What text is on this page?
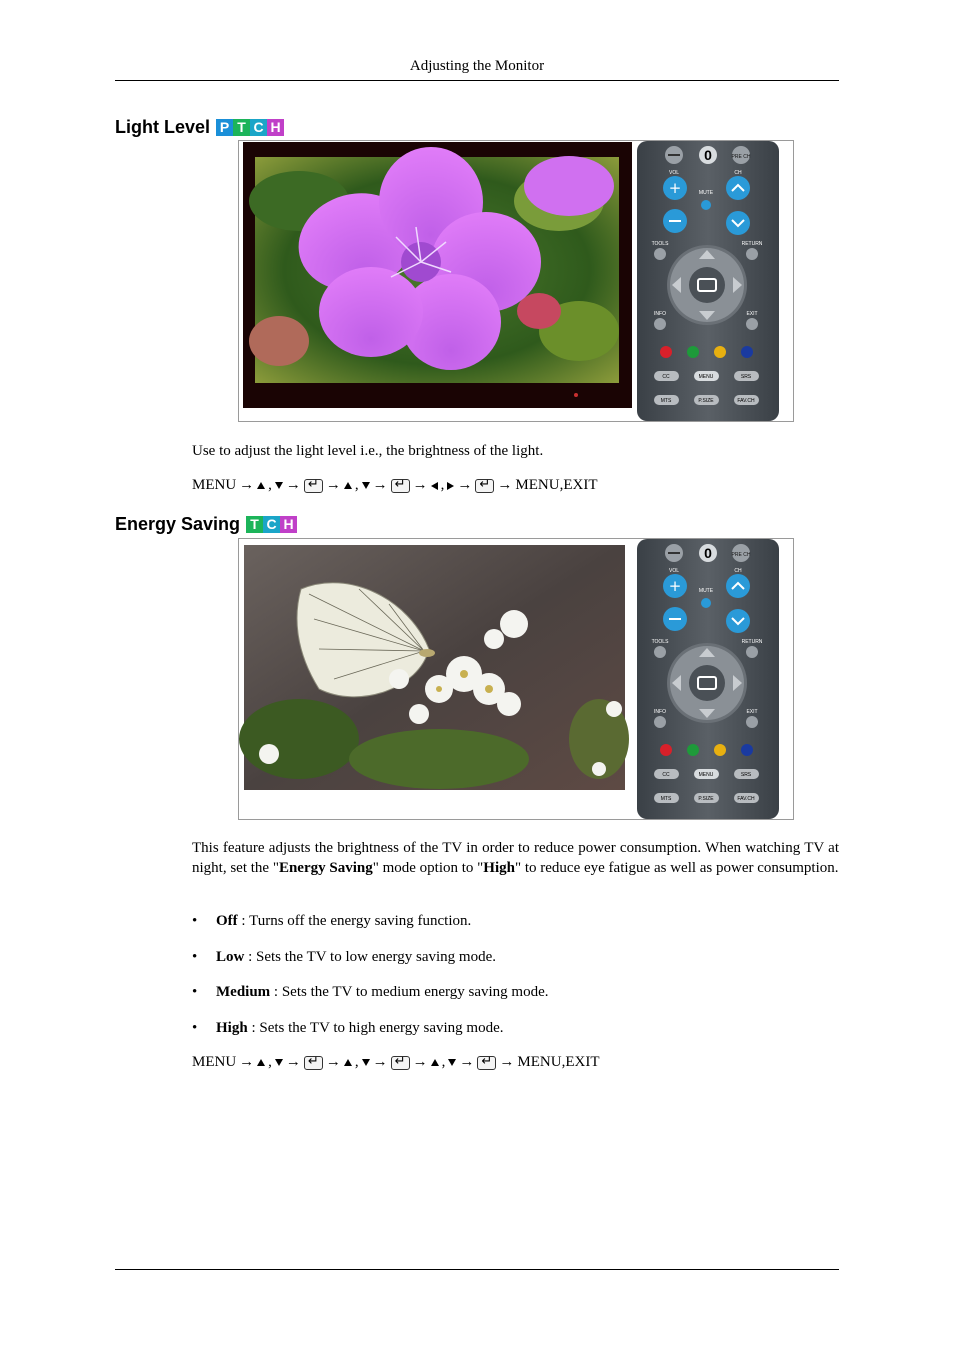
Adjusting the Monitor
Light Level P T C H
0	PRE CH
VOL	CH
+	MUTE
TOOLS	RETURN
INFO	EXIT
CC	MENU	SRS
MTS	P.SIZE	FAV.CH
Use to adjust the light level i.e., the brightness of the light.
MENU → , → ↵ → , → ↵ → , → ↵ → MENU,EXIT
Energy Saving T C H
0	PRE CH
VOL	CH
+	MUTE
TOOLS	RETURN
INFO	EXIT
CC	MENU	SRS
MTS	P.SIZE	FAV.CH
This feature adjusts the brightness of the TV in order to reduce power consumption. When watching TV at night, set the "Energy Saving" mode option to "High" to reduce eye fatigue as well as power consumption.
• Off : Turns off the energy saving function.
• Low : Sets the TV to low energy saving mode.
• Medium : Sets the TV to medium energy saving mode.
• High : Sets the TV to high energy saving mode.
MENU → , → ↵ → , → ↵ → , → ↵ → MENU,EXIT
